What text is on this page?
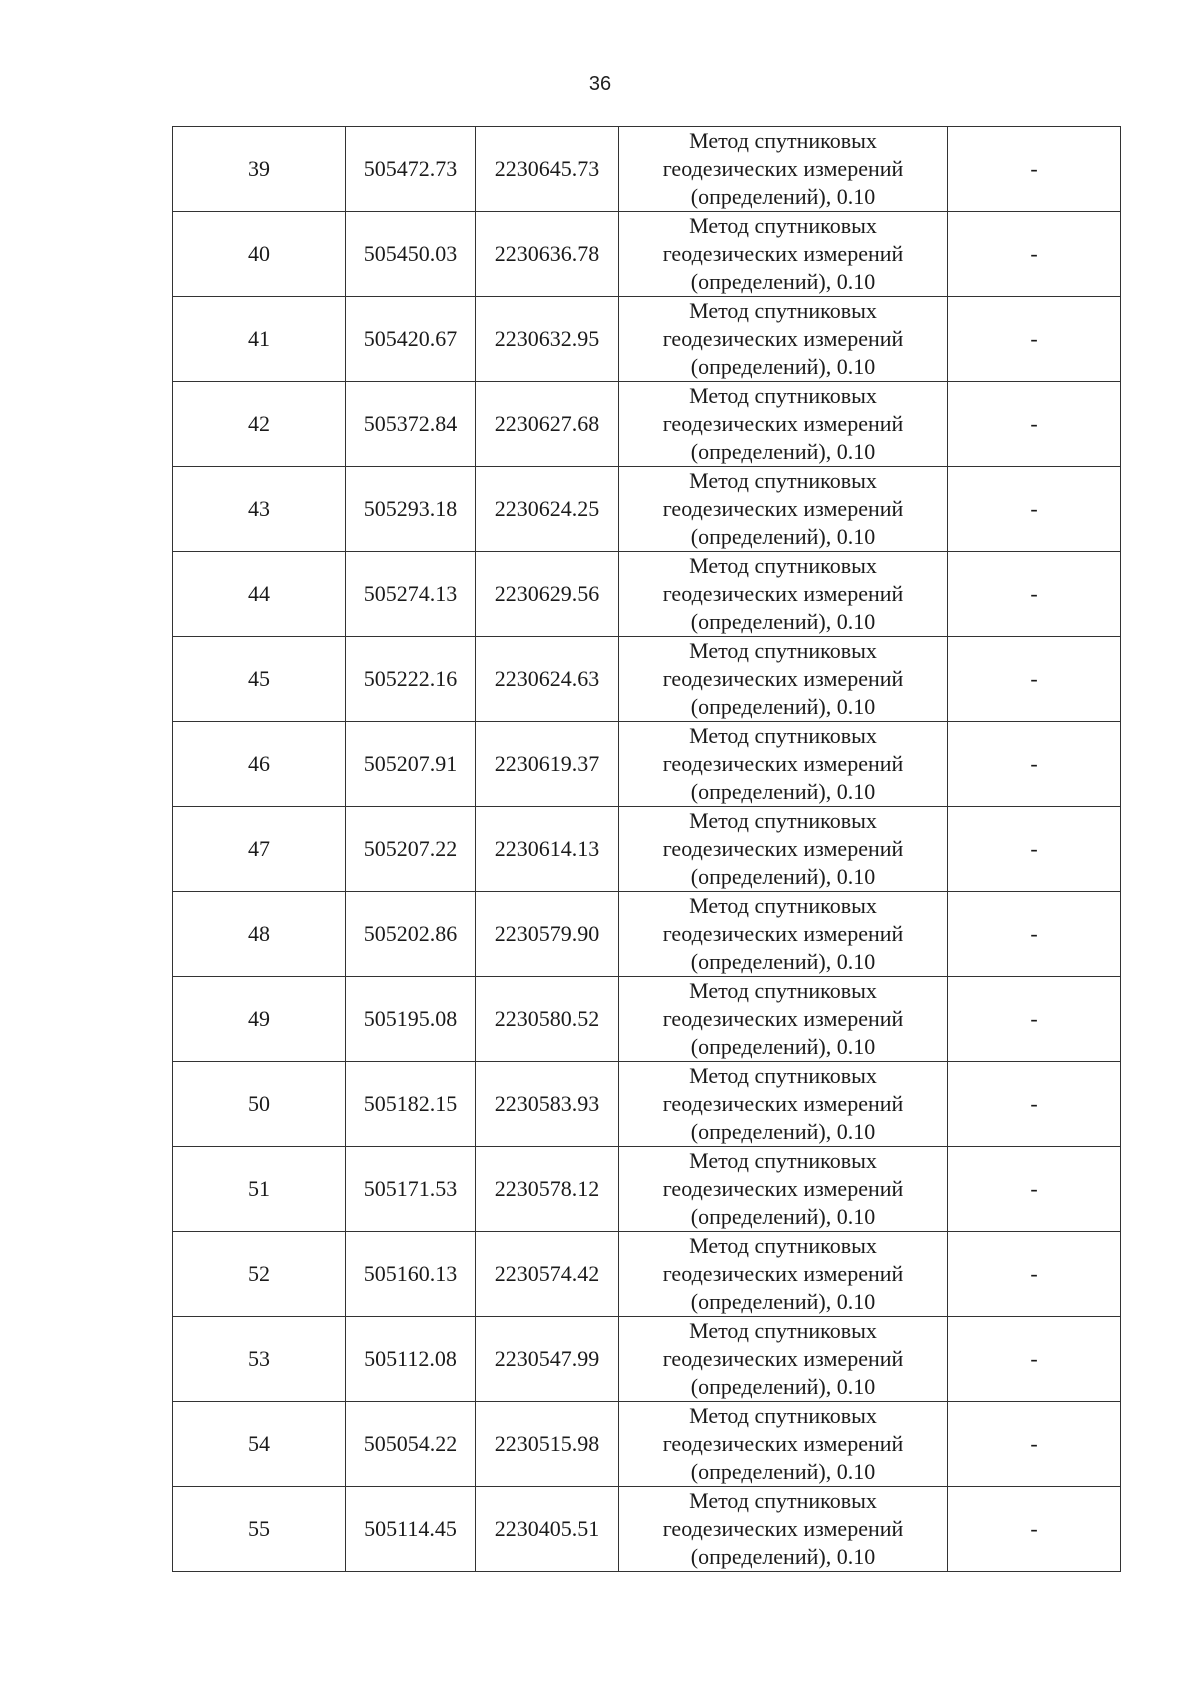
36
39	505472.73	2230645.73	Метод спутниковых
геодезических измерений
(определений), 0.10	-
40	505450.03	2230636.78	Метод спутниковых
геодезических измерений
(определений), 0.10	-
41	505420.67	2230632.95	Метод спутниковых
геодезических измерений
(определений), 0.10	-
42	505372.84	2230627.68	Метод спутниковых
геодезических измерений
(определений), 0.10	-
43	505293.18	2230624.25	Метод спутниковых
геодезических измерений
(определений), 0.10	-
44	505274.13	2230629.56	Метод спутниковых
геодезических измерений
(определений), 0.10	-
45	505222.16	2230624.63	Метод спутниковых
геодезических измерений
(определений), 0.10	-
46	505207.91	2230619.37	Метод спутниковых
геодезических измерений
(определений), 0.10	-
47	505207.22	2230614.13	Метод спутниковых
геодезических измерений
(определений), 0.10	-
48	505202.86	2230579.90	Метод спутниковых
геодезических измерений
(определений), 0.10	-
49	505195.08	2230580.52	Метод спутниковых
геодезических измерений
(определений), 0.10	-
50	505182.15	2230583.93	Метод спутниковых
геодезических измерений
(определений), 0.10	-
51	505171.53	2230578.12	Метод спутниковых
геодезических измерений
(определений), 0.10	-
52	505160.13	2230574.42	Метод спутниковых
геодезических измерений
(определений), 0.10	-
53	505112.08	2230547.99	Метод спутниковых
геодезических измерений
(определений), 0.10	-
54	505054.22	2230515.98	Метод спутниковых
геодезических измерений
(определений), 0.10	-
55	505114.45	2230405.51	Метод спутниковых
геодезических измерений
(определений), 0.10	-
